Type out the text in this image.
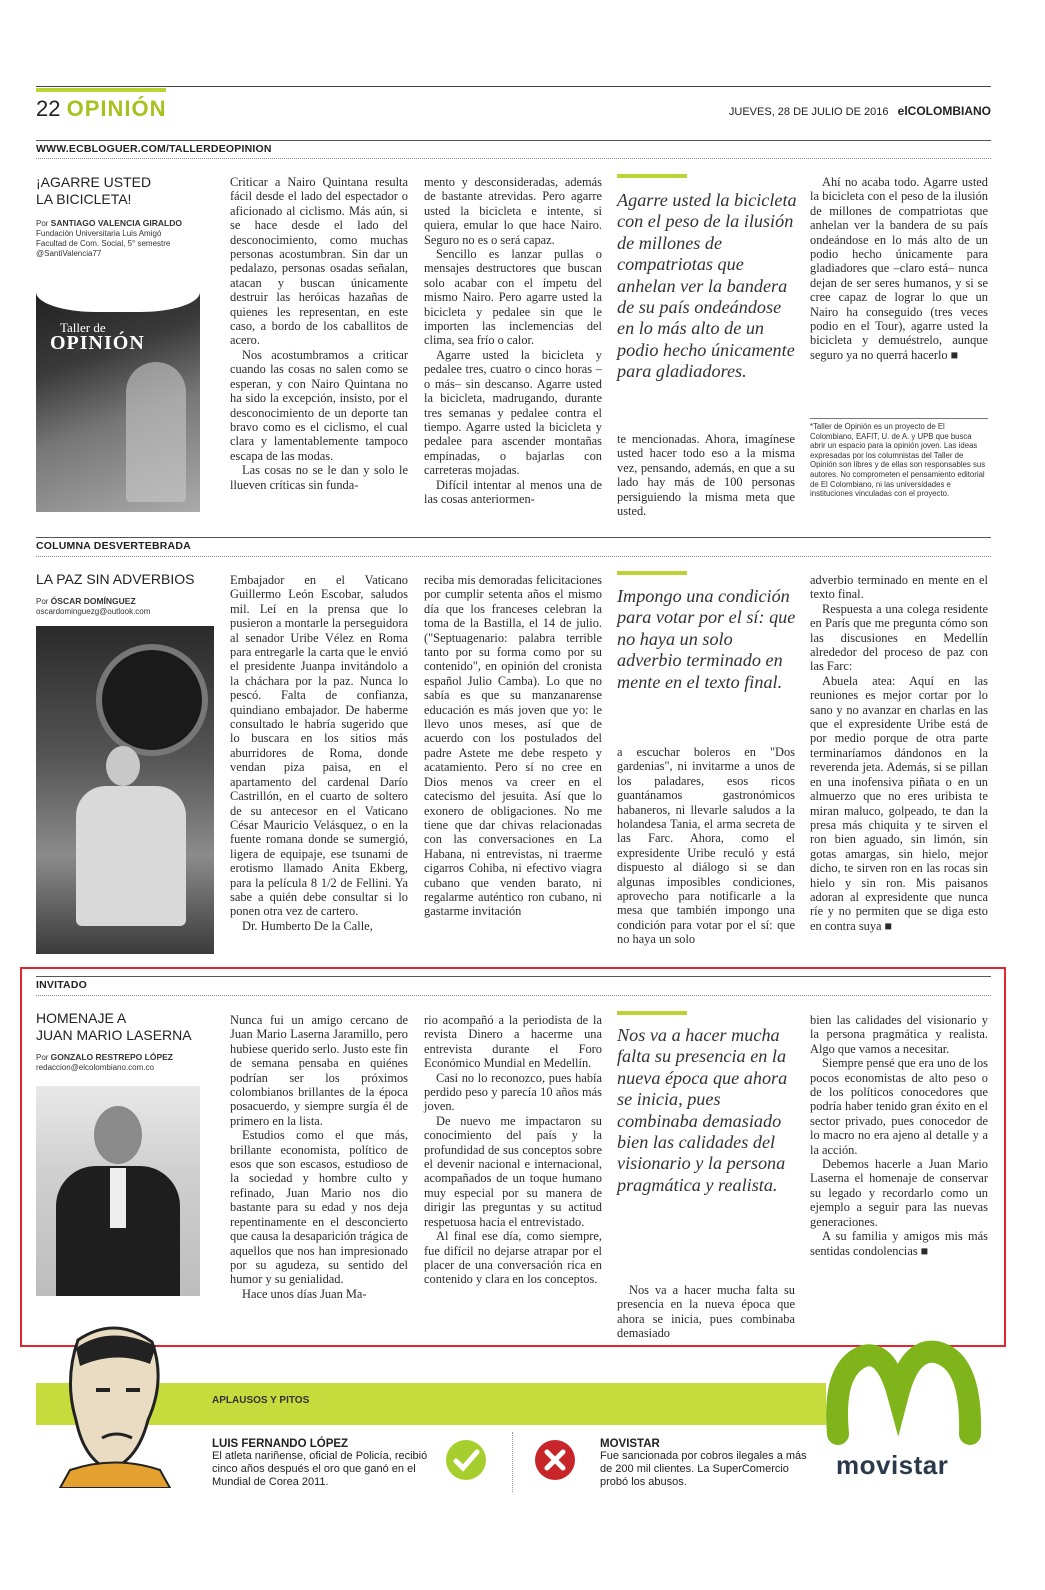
22 OPINIÓN	JUEVES, 28 DE JULIO DE 2016 elCOLOMBIANO
WWW.ECBLOGUER.COM/TALLERDEOPINION
¡AGARRE USTED
LA BICICLETA!
Por SANTIAGO VALENCIA GIRALDO
Fundación Universitaria Luis Amigó
Facultad de Com. Social, 5° semestre
@SantiValencia77
Taller de
OPINIÓN

Criticar a Nairo Quintana resulta fácil desde el lado del espectador o aficionado al ciclismo. Más aún, si se hace desde el lado del desconocimiento, como muchas personas acostumbran. Sin dar un pedalazo, personas osadas señalan, atacan y buscan únicamente destruir las heróicas hazañas de quienes les representan, en este caso, a bordo de los caballitos de acero.

Nos acostumbramos a criticar cuando las cosas no salen como se esperan, y con Nairo Quintana no ha sido la excepción, insisto, por el desconocimiento de un deporte tan bravo como es el ciclismo, el cual clara y lamentablemente tampoco escapa de las modas.

Las cosas no se le dan y solo le llueven críticas sin funda-

mento y desconsideradas, además de bastante atrevidas. Pero agarre usted la bicicleta e intente, si quiera, emular lo que hace Nairo. Seguro no es o será capaz.

Sencillo es lanzar pullas o mensajes destructores que buscan solo acabar con el ímpetu del mismo Nairo. Pero agarre usted la bicicleta y pedalee sin que le importen las inclemencias del clima, sea frío o calor.

Agarre usted la bicicleta y pedalee tres, cuatro o cinco horas –o más– sin descanso. Agarre usted la bicicleta, madrugando, durante tres semanas y pedalee contra el tiempo. Agarre usted la bicicleta y pedalee para ascender montañas empinadas, o bajarlas con carreteras mojadas.

Difícil intentar al menos una de las cosas anteriormen-

Agarre usted la bicicleta con el peso de la ilusión de millones de compatriotas que anhelan ver la bandera de su país ondeándose en lo más alto de un podio hecho únicamente para gladiadores.

te mencionadas. Ahora, imagínese usted hacer todo eso a la misma vez, pensando, además, en que a su lado hay más de 100 personas persiguiendo la misma meta que usted.

Ahí no acaba todo. Agarre usted la bicicleta con el peso de la ilusión de millones de compatriotas que anhelan ver la bandera de su país ondeándose en lo más alto de un podio hecho únicamente para gladiadores que –claro está– nunca dejan de ser seres humanos, y si se cree capaz de lograr lo que un Nairo ha conseguido (tres veces podio en el Tour), agarre usted la bicicleta y demuéstrelo, aunque seguro ya no querrá hacerlo ■

*Taller de Opinión es un proyecto de El Colombiano, EAFIT, U. de A. y UPB que busca abrir un espacio para la opinión joven. Las ideas expresadas por los columnistas del Taller de Opinión son libres y de ellas son responsables sus autores. No comprometen el pensamiento editorial de El Colombiano, ni las universidades e instituciones vinculadas con el proyecto.
COLUMNA DESVERTEBRADA
LA PAZ SIN ADVERBIOS
Por ÓSCAR DOMÍNGUEZ
oscardominguezg@outlook.com

Embajador en el Vaticano Guillermo León Escobar, saludos mil. Leí en la prensa que lo pusieron a montarle la perseguidora al senador Uribe Vélez en Roma para entregarle la carta que le envió el presidente Juanpa invitándolo a la cháchara por la paz. Nunca lo pescó. Falta de confianza, quindiano embajador. De haberme consultado le habría sugerido que lo buscara en los sitios más aburridores de Roma, donde vendan piza paisa, en el apartamento del cardenal Darío Castrillón, en el cuarto de soltero de su antecesor en el Vaticano César Mauricio Velásquez, o en la fuente romana donde se sumergió, ligera de equipaje, ese tsunami de erotismo llamado Anita Ekberg, para la película 8 1/2 de Fellini. Ya sabe a quién debe consultar si lo ponen otra vez de cartero.

Dr. Humberto De la Calle,

reciba mis demoradas felicitaciones por cumplir setenta años el mismo día que los franceses celebran la toma de la Bastilla, el 14 de julio. ("Septuagenario: palabra terrible tanto por su forma como por su contenido", en opinión del cronista español Julio Camba). Lo que no sabía es que su manzanarense educación es más joven que yo: le llevo unos meses, así que de acuerdo con los postulados del padre Astete me debe respeto y acatamiento. Pero sí no cree en Dios menos va creer en el catecismo del jesuita. Así que lo exonero de obligaciones. No me tiene que dar chivas relacionadas con las conversaciones en La Habana, ni entrevistas, ni traerme cigarros Cohiba, ni efectivo viagra cubano que venden barato, ni regalarme auténtico ron cubano, ni gastarme invitación

Impongo una condición para votar por el sí: que no haya un solo adverbio terminado en mente en el texto final.

a escuchar boleros en "Dos gardenias", ni invitarme a unos de los paladares, esos ricos guantánamos gastronómicos habaneros, ni llevarle saludos a la holandesa Tania, el arma secreta de las Farc. Ahora, como el expresidente Uribe reculó y está dispuesto al diálogo si se dan algunas imposibles condiciones, aprovecho para notificarle a la mesa que también impongo una condición para votar por el sí: que no haya un solo

adverbio terminado en mente en el texto final.

Respuesta a una colega residente en París que me pregunta cómo son las discusiones en Medellín alrededor del proceso de paz con las Farc:

Abuela atea: Aquí en las reuniones es mejor cortar por lo sano y no avanzar en charlas en las que el expresidente Uribe está de por medio porque de otra parte terminaríamos dándonos en la reverenda jeta. Además, si se pillan en una inofensiva piñata o en un almuerzo que no eres uribista te miran maluco, golpeado, te dan la presa más chiquita y te sirven el ron bien aguado, sin limón, sin gotas amargas, sin hielo, mejor dicho, te sirven ron en las rocas sin hielo y sin ron. Mis paisanos adoran al expresidente que nunca ríe y no permiten que se diga esto en contra suya ■

INVITADO
HOMENAJE A
JUAN MARIO LASERNA
Por GONZALO RESTREPO LÓPEZ
redaccion@elcolombiano.com.co

Nunca fui un amigo cercano de Juan Mario Laserna Jaramillo, pero hubiese querido serlo. Justo este fin de semana pensaba en quiénes podrían ser los próximos colombianos brillantes de la época posacuerdo, y siempre surgía él de primero en la lista.

Estudios como el que más, brillante economista, político de esos que son escasos, estudioso de la sociedad y hombre culto y refinado, Juan Mario nos dio bastante para su edad y nos deja repentinamente en el desconcierto que causa la desaparición trágica de aquellos que nos han impresionado por su agudeza, su sentido del humor y su genialidad.

Hace unos días Juan Ma-

rio acompañó a la periodista de la revista Dinero a hacerme una entrevista durante el Foro Económico Mundial en Medellín.

Casi no lo reconozco, pues había perdido peso y parecía 10 años más joven.

De nuevo me impactaron su conocimiento del país y la profundidad de sus conceptos sobre el devenir nacional e internacional, acompañados de un toque humano muy especial por su manera de dirigir las preguntas y su actitud respetuosa hacia el entrevistado.

Al final ese día, como siempre, fue difícil no dejarse atrapar por el placer de una conversación rica en contenido y clara en los conceptos.

Nos va a hacer mucha falta su presencia en la nueva época que ahora se inicia, pues combinaba demasiado bien las calidades del visionario y la persona pragmática y realista.

Nos va a hacer mucha falta su presencia en la nueva época que ahora se inicia, pues combinaba demasiado

bien las calidades del visionario y la persona pragmática y realista. Algo que vamos a necesitar.

Siempre pensé que era uno de los pocos economistas de alto peso o de los políticos conocedores que podría haber tenido gran éxito en el sector privado, pues conocedor de lo macro no era ajeno al detalle y a la acción.

Debemos hacerle a Juan Mario Laserna el homenaje de conservar su legado y recordarlo como un ejemplo a seguir para las nuevas generaciones.

A su familia y amigos mis más sentidas condolencias ■

APLAUSOS Y PITOS
LUIS FERNANDO LÓPEZ
El atleta nariñense, oficial de Policía, recibió cinco años después el oro que ganó en el Mundial de Corea 2011.
MOVISTAR
Fue sancionada por cobros ilegales a más de 200 mil clientes. La SuperComercio probó los abusos.
movistar
